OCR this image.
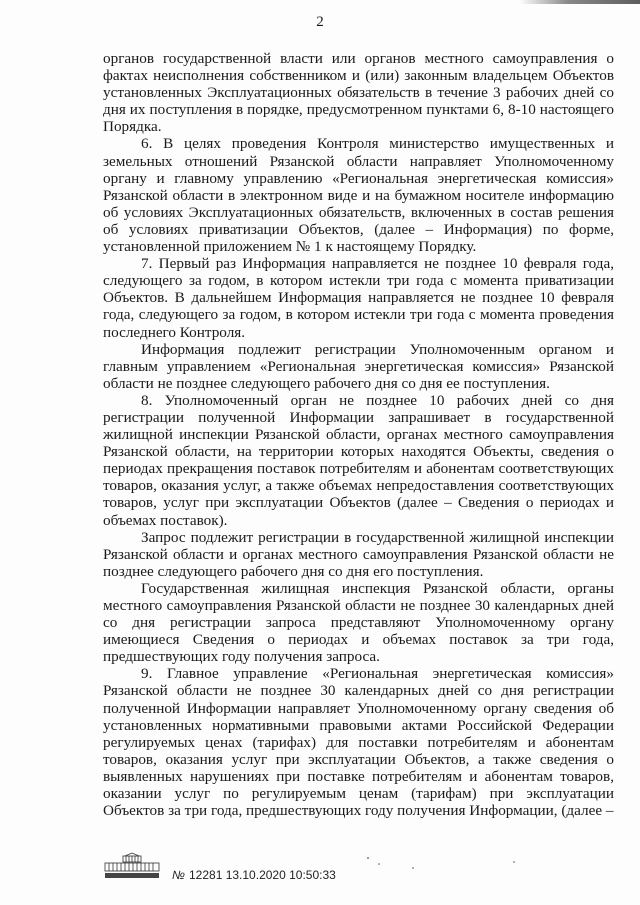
2

органов государственной власти или органов местного самоуправления о фактах неисполнения собственником и (или) законным владельцем Объектов установленных Эксплуатационных обязательств в течение 3 рабочих дней со дня их поступления в порядке, предусмотренном пунктами 6, 8-10 настоящего Порядка.

6. В целях проведения Контроля министерство имущественных и земельных отношений Рязанской области направляет Уполномоченному органу и главному управлению «Региональная энергетическая комиссия» Рязанской области в электронном виде и на бумажном носителе информацию об условиях Эксплуатационных обязательств, включенных в состав решения об условиях приватизации Объектов, (далее – Информация) по форме, установленной приложением № 1 к настоящему Порядку.

7. Первый раз Информация направляется не позднее 10 февраля года, следующего за годом, в котором истекли три года с момента приватизации Объектов. В дальнейшем Информация направляется не позднее 10 февраля года, следующего за годом, в котором истекли три года с момента проведения последнего Контроля.

Информация подлежит регистрации Уполномоченным органом и главным управлением «Региональная энергетическая комиссия» Рязанской области не позднее следующего рабочего дня со дня ее поступления.

8. Уполномоченный орган не позднее 10 рабочих дней со дня регистрации полученной Информации запрашивает в государственной жилищной инспекции Рязанской области, органах местного самоуправления Рязанской области, на территории которых находятся Объекты, сведения о периодах прекращения поставок потребителям и абонентам соответствующих товаров, оказания услуг, а также объемах непредоставления соответствующих товаров, услуг при эксплуатации Объектов (далее – Сведения о периодах и объемах поставок).

Запрос подлежит регистрации в государственной жилищной инспекции Рязанской области и органах местного самоуправления Рязанской области не позднее следующего рабочего дня со дня его поступления.

Государственная жилищная инспекция Рязанской области, органы местного самоуправления Рязанской области не позднее 30 календарных дней со дня регистрации запроса представляют Уполномоченному органу имеющиеся Сведения о периодах и объемах поставок за три года, предшествующих году получения запроса.

9. Главное управление «Региональная энергетическая комиссия» Рязанской области не позднее 30 календарных дней со дня регистрации полученной Информации направляет Уполномоченному органу сведения об установленных нормативными правовыми актами Российской Федерации регулируемых ценах (тарифах) для поставки потребителям и абонентам товаров, оказания услуг при эксплуатации Объектов, а также сведения о выявленных нарушениях при поставке потребителям и абонентам товаров, оказании услуг по регулируемым ценам (тарифам) при эксплуатации Объектов за три года, предшествующих году получения Информации, (далее –

№ 12281 13.10.2020 10:50:33
